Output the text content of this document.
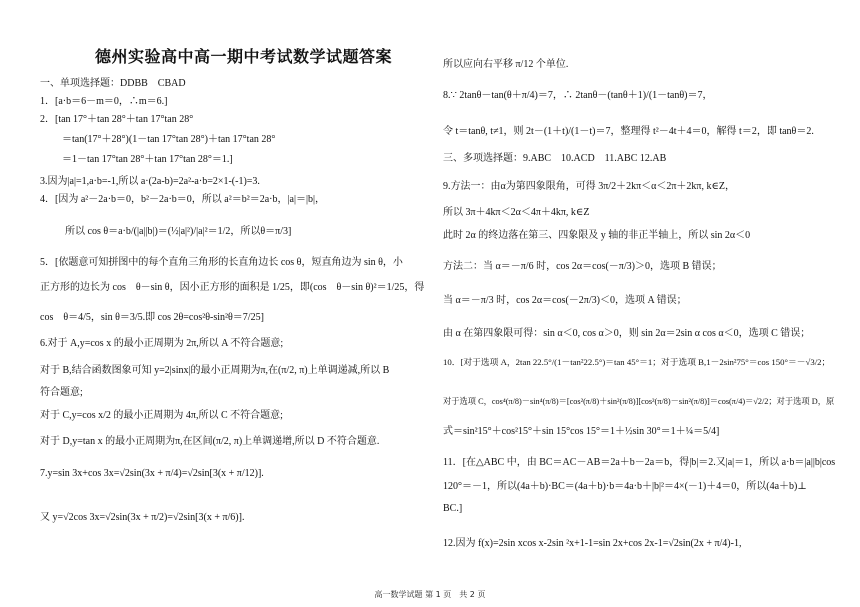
德州实验高中高一期中考试数学试题答案
一、单项选择题：DDBB　CBAD
1．[a·b＝6－m＝0，∴m＝6.]
2．[tan 17°＋tan 28°＋tan 17°tan 28°
＝tan(17°＋28°)(1－tan 17°tan 28°)＋tan 17°tan 28°
＝1－tan 17°tan 28°＋tan 17°tan 28°＝1.]
3.因为|a|=1,a·b=-1,所以 a·(2a-b)=2a²-a·b=2×1-(-1)=3.
4．[因为 a²－2a·b＝0，b²－2a·b＝0，所以 a²＝b²＝2a·b，|a|＝|b|，
所以 cos θ＝a·b/(|a||b|)＝(½|a|²)/|a|²＝1/2，所以θ＝π/3]
5．[依题意可知拼图中的每个直角三角形的长直角边长 cos θ，短直角边为 sin θ，小
正方形的边长为 cos　θ－sin θ，因小正方形的面积是 1/25，即(cos　θ－sin θ)²＝1/25，得
cos　θ＝4/5，sin θ＝3/5.即 cos 2θ=cos²θ-sin²θ＝7/25]
6.对于 A,y=cos x 的最小正周期为 2π,所以 A 不符合题意;
对于 B,结合函数图象可知 y=2|sinx|的最小正周期为π,在(π/2, π)上单调递减,所以 B
符合题意;
对于 C,y=cos x/2 的最小正周期为 4π,所以 C 不符合题意;
对于 D,y=tan x 的最小正周期为π,在区间(π/2, π)上单调递增,所以 D 不符合题意.
7.y=sin 3x+cos 3x=√2sin(3x + π/4)=√2sin[3(x + π/12)].
又 y=√2cos 3x=√2sin(3x + π/2)=√2sin[3(x + π/6)].
所以应向右平移 π/12 个单位.
8.∵ 2tanθ－tan(θ＋π/4)＝7，∴ 2tanθ－(tanθ＋1)/(1－tanθ)＝7，
令 t＝tanθ, t≠1，则 2t－(1＋t)/(1－t)＝7，整理得 t²－4t＋4＝0，解得 t＝2，即 tanθ＝2.
三、多项选择题：9.ABC　10.ACD　11.ABC 12.AB
9.方法一：由α为第四象限角，可得 3π/2＋2kπ＜α＜2π＋2kπ, k∈Z，
所以 3π＋4kπ＜2α＜4π＋4kπ, k∈Z
此时 2α 的终边落在第三、四象限及 y 轴的非正半轴上，所以 sin 2α＜0
方法二：当 α＝－π/6 时，cos 2α＝cos(－π/3)＞0，选项 B 错误；
当 α＝－π/3 时，cos 2α＝cos(－2π/3)＜0，选项 A 错误；
由 α 在第四象限可得：sin α＜0, cos α＞0，则 sin 2α＝2sin α cos α＜0，选项 C 错误；
10．[对于选项 A，2tan 22.5°/(1－tan²22.5°)＝tan 45°＝1；对于选项 B,1－2sin²75°＝cos 150°＝－√3/2；
对于选项 C，cos⁴(π/8)－sin⁴(π/8)＝[cos²(π/8)＋sin²(π/8)][cos²(π/8)－sin²(π/8)]＝cos(π/4)＝√2/2；对于选项 D，原
式＝sin²15°＋cos²15°＋sin 15°cos 15°＝1＋½sin 30°＝1＋¼＝5/4]
11．[在△ABC 中，由 BC＝AC－AB＝2a＋b－2a＝b，得|b|＝2.又|a|＝1，所以 a·b＝|a||b|cos
120°＝－1，所以(4a＋b)·BC＝(4a＋b)·b＝4a·b＋|b|²＝4×(－1)＋4＝0，所以(4a＋b)⊥
BC.]
12.因为 f(x)=2sin xcos x-2sin ²x+1-1=sin 2x+cos 2x-1=√2sin(2x + π/4)-1,
高一数学试题 第 1 页　共 2 页
